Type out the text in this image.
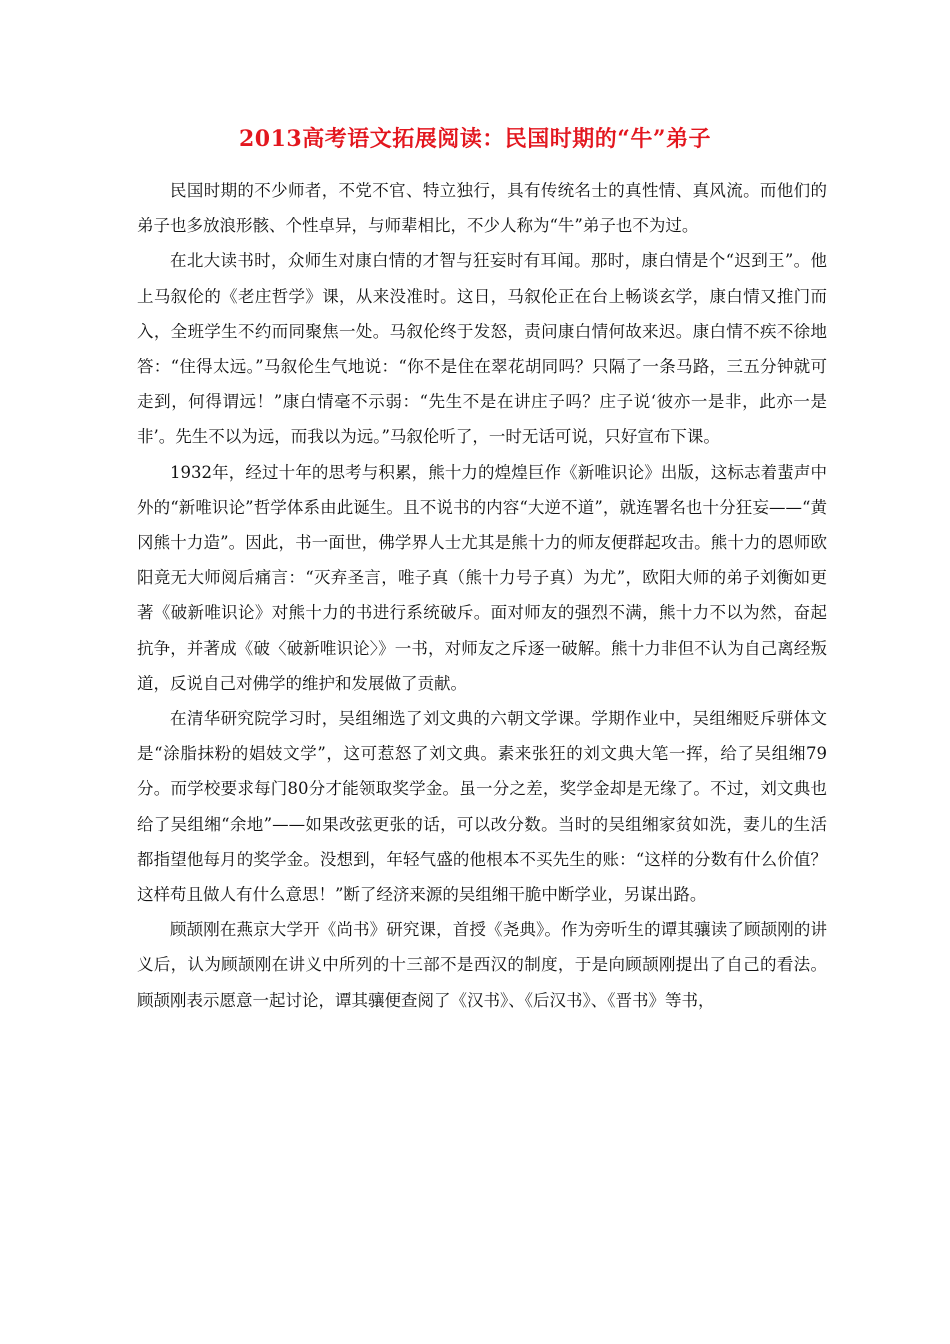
2013高考语文拓展阅读：民国时期的“牛”弟子

民国时期的不少师者，不党不官、特立独行，具有传统名士的真性情、真风流。而他们的弟子也多放浪形骸、个性卓异，与师辈相比，不少人称为“牛”弟子也不为过。

在北大读书时，众师生对康白情的才智与狂妄时有耳闻。那时，康白情是个“迟到王”。他上马叙伦的《老庄哲学》课，从来没准时。这日，马叙伦正在台上畅谈玄学，康白情又推门而入，全班学生不约而同聚焦一处。马叙伦终于发怒，责问康白情何故来迟。康白情不疾不徐地答：“住得太远。”马叙伦生气地说：“你不是住在翠花胡同吗？只隔了一条马路，三五分钟就可走到，何得谓远！”康白情毫不示弱：“先生不是在讲庄子吗？庄子说‘彼亦一是非，此亦一是非’。先生不以为远，而我以为远。”马叙伦听了，一时无话可说，只好宣布下课。

1932年，经过十年的思考与积累，熊十力的煌煌巨作《新唯识论》出版，这标志着蜚声中外的“新唯识论”哲学体系由此诞生。且不说书的内容“大逆不道”，就连署名也十分狂妄——“黄冈熊十力造”。因此，书一面世，佛学界人士尤其是熊十力的师友便群起攻击。熊十力的恩师欧阳竟无大师阅后痛言：“灭弃圣言，唯子真（熊十力号子真）为尤”，欧阳大师的弟子刘衡如更著《破新唯识论》对熊十力的书进行系统破斥。面对师友的强烈不满，熊十力不以为然，奋起抗争，并著成《破〈破新唯识论〉》一书，对师友之斥逐一破解。熊十力非但不认为自己离经叛道，反说自己对佛学的维护和发展做了贡献。

在清华研究院学习时，吴组缃选了刘文典的六朝文学课。学期作业中，吴组缃贬斥骈体文是“涂脂抹粉的娼妓文学”，这可惹怒了刘文典。素来张狂的刘文典大笔一挥，给了吴组缃79分。而学校要求每门80分才能领取奖学金。虽一分之差，奖学金却是无缘了。不过，刘文典也给了吴组缃“余地”——如果改弦更张的话，可以改分数。当时的吴组缃家贫如洗，妻儿的生活都指望他每月的奖学金。没想到，年轻气盛的他根本不买先生的账：“这样的分数有什么价值？这样苟且做人有什么意思！”断了经济来源的吴组缃干脆中断学业，另谋出路。

顾颉刚在燕京大学开《尚书》研究课，首授《尧典》。作为旁听生的谭其骧读了顾颉刚的讲义后，认为顾颉刚在讲义中所列的十三部不是西汉的制度，于是向顾颉刚提出了自己的看法。顾颉刚表示愿意一起讨论，谭其骧便查阅了《汉书》、《后汉书》、《晋书》等书，
